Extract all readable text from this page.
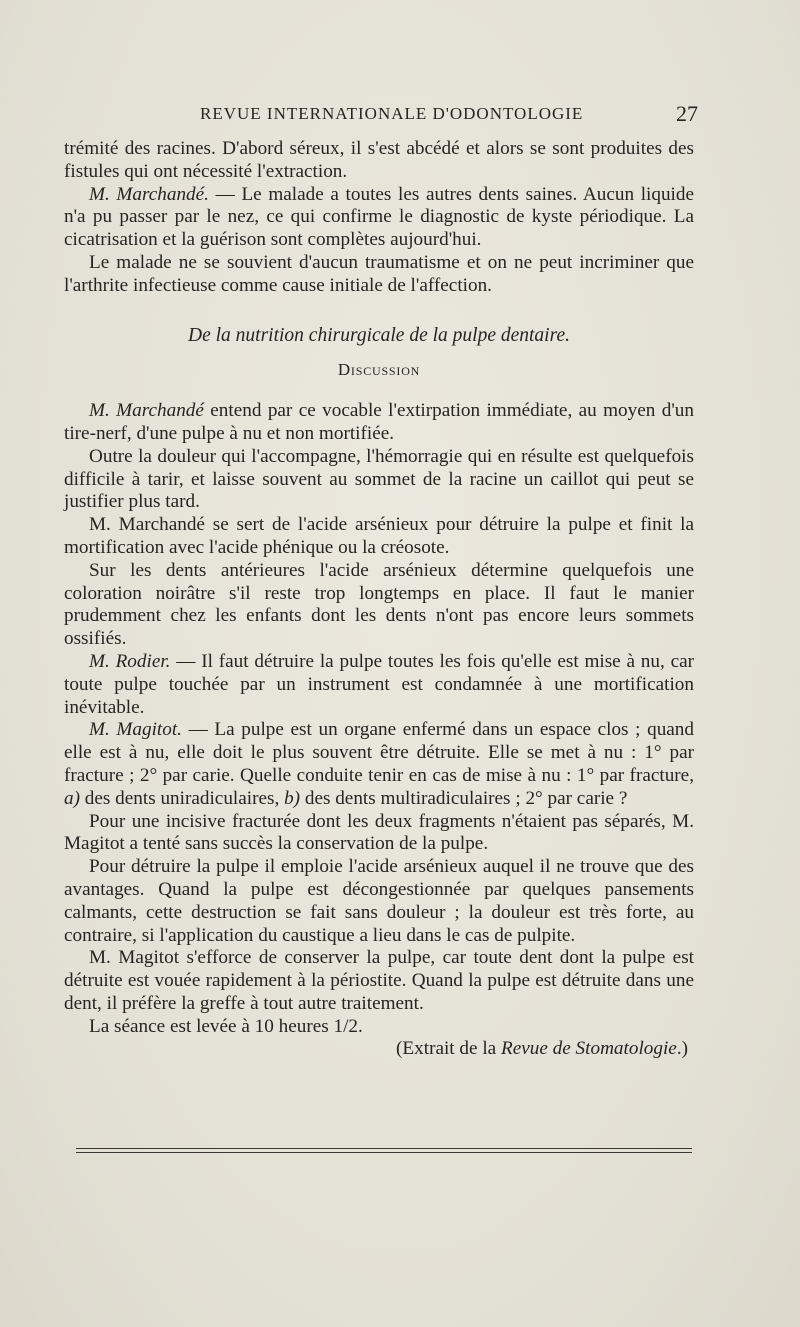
REVUE INTERNATIONALE D'ODONTOLOGIE	27

trémité des racines. D'abord séreux, il s'est abcédé et alors se sont produites des fistules qui ont nécessité l'extraction.

M. Marchandé. — Le malade a toutes les autres dents saines. Aucun liquide n'a pu passer par le nez, ce qui confirme le diagnostic de kyste périodique. La cicatrisation et la guérison sont complètes aujourd'hui.

Le malade ne se souvient d'aucun traumatisme et on ne peut incriminer que l'arthrite infectieuse comme cause initiale de l'affection.

De la nutrition chirurgicale de la pulpe dentaire.

Discussion

M. Marchandé entend par ce vocable l'extirpation immédiate, au moyen d'un tire-nerf, d'une pulpe à nu et non mortifiée.

Outre la douleur qui l'accompagne, l'hémorragie qui en résulte est quelquefois difficile à tarir, et laisse souvent au sommet de la racine un caillot qui peut se justifier plus tard.

M. Marchandé se sert de l'acide arsénieux pour détruire la pulpe et finit la mortification avec l'acide phénique ou la créosote.

Sur les dents antérieures l'acide arsénieux détermine quelquefois une coloration noirâtre s'il reste trop longtemps en place. Il faut le manier prudemment chez les enfants dont les dents n'ont pas encore leurs sommets ossifiés.

M. Rodier. — Il faut détruire la pulpe toutes les fois qu'elle est mise à nu, car toute pulpe touchée par un instrument est condamnée à une mortification inévitable.

M. Magitot. — La pulpe est un organe enfermé dans un espace clos ; quand elle est à nu, elle doit le plus souvent être détruite. Elle se met à nu : 1° par fracture ; 2° par carie. Quelle conduite tenir en cas de mise à nu : 1° par fracture, a) des dents uniradiculaires, b) des dents multiradiculaires ; 2° par carie ?

Pour une incisive fracturée dont les deux fragments n'étaient pas séparés, M. Magitot a tenté sans succès la conservation de la pulpe.

Pour détruire la pulpe il emploie l'acide arsénieux auquel il ne trouve que des avantages. Quand la pulpe est décongestionnée par quelques pansements calmants, cette destruction se fait sans douleur ; la douleur est très forte, au contraire, si l'application du caustique a lieu dans le cas de pulpite.

M. Magitot s'efforce de conserver la pulpe, car toute dent dont la pulpe est détruite est vouée rapidement à la périostite. Quand la pulpe est détruite dans une dent, il préfère la greffe à tout autre traitement.

La séance est levée à 10 heures 1/2.

(Extrait de la Revue de Stomatologie.)
